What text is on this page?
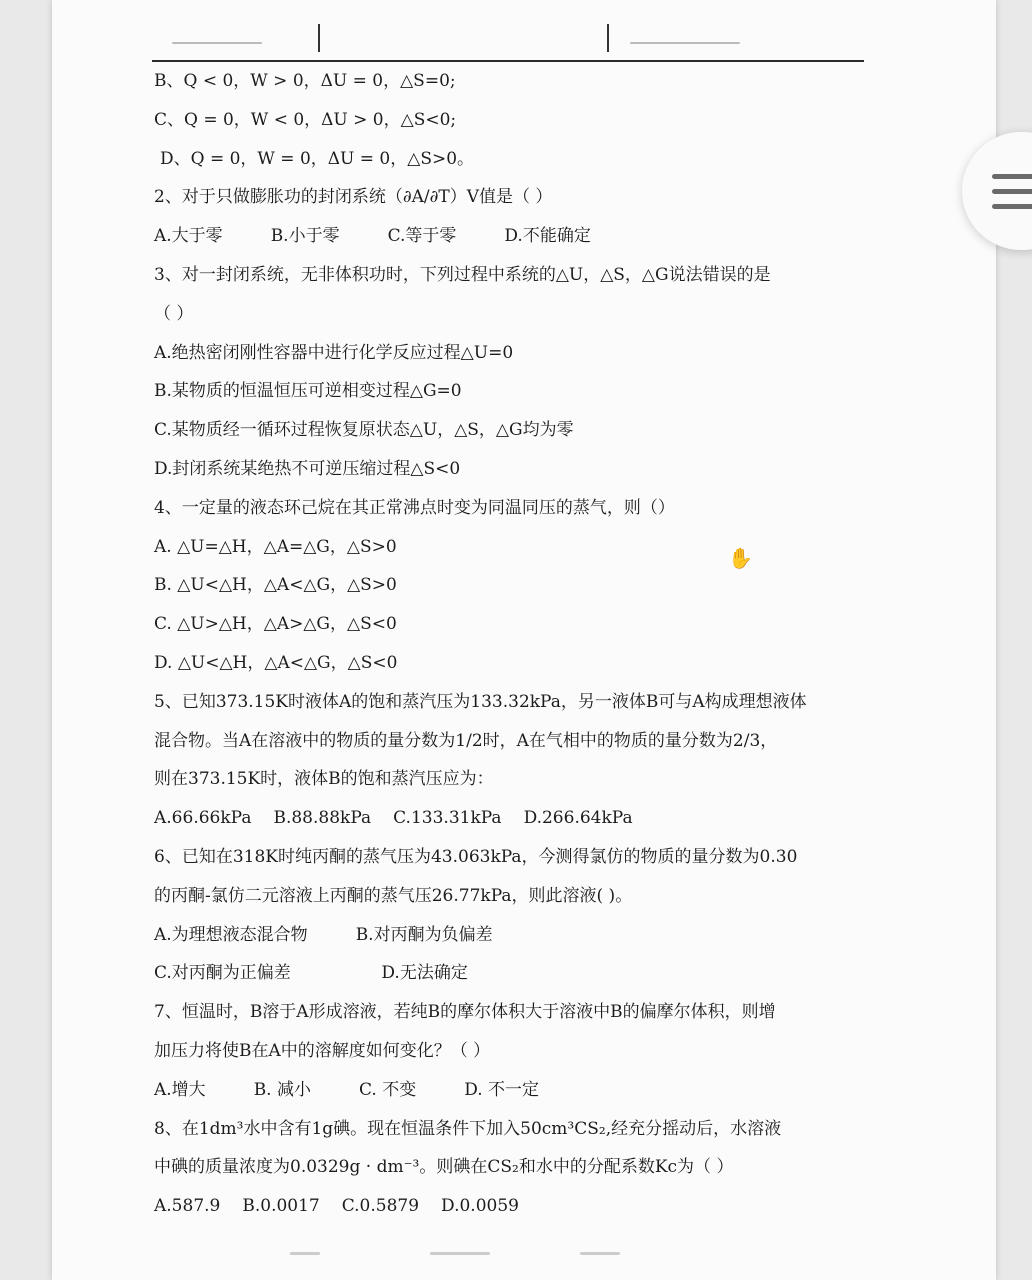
B、Q < 0，W > 0，ΔU = 0，△S=0;
C、Q = 0，W < 0，ΔU > 0，△S<0;
D、Q = 0，W = 0，ΔU = 0，△S>0。
2、对于只做膨胀功的封闭系统（∂A/∂T）V值是（ ）
A.大于零	B.小于零	C.等于零	D.不能确定
3、对一封闭系统，无非体积功时，下列过程中系统的△U，△S，△G说法错误的是
（ ）
A.绝热密闭刚性容器中进行化学反应过程△U=0
B.某物质的恒温恒压可逆相变过程△G=0
C.某物质经一循环过程恢复原状态△U，△S，△G均为零
D.封闭系统某绝热不可逆压缩过程△S<0
4、一定量的液态环己烷在其正常沸点时变为同温同压的蒸气，则（）
A. △U=△H，△A=△G，△S>0
B. △U<△H，△A<△G，△S>0
C. △U>△H，△A>△G，△S<0
D. △U<△H，△A<△G，△S<0
5、已知373.15K时液体A的饱和蒸汽压为133.32kPa，另一液体B可与A构成理想液体
混合物。当A在溶液中的物质的量分数为1/2时，A在气相中的物质的量分数为2/3，
则在373.15K时，液体B的饱和蒸汽压应为：
A.66.66kPa B.88.88kPa C.133.31kPa D.266.64kPa
6、已知在318K时纯丙酮的蒸气压为43.063kPa，今测得氯仿的物质的量分数为0.30
的丙酮-氯仿二元溶液上丙酮的蒸气压26.77kPa，则此溶液( )。
A.为理想液态混合物	B.对丙酮为负偏差
C.对丙酮为正偏差	D.无法确定
7、恒温时，B溶于A形成溶液，若纯B的摩尔体积大于溶液中B的偏摩尔体积，则增
加压力将使B在A中的溶解度如何变化？（ ）
A.增大	B. 减小	C. 不变	D. 不一定
8、在1dm³水中含有1g碘。现在恒温条件下加入50cm³CS₂,经充分摇动后，水溶液
中碘的质量浓度为0.0329g · dm⁻³。则碘在CS₂和水中的分配系数Kc为（ ）
A.587.9 B.0.0017 C.0.5879 D.0.0059
✋
